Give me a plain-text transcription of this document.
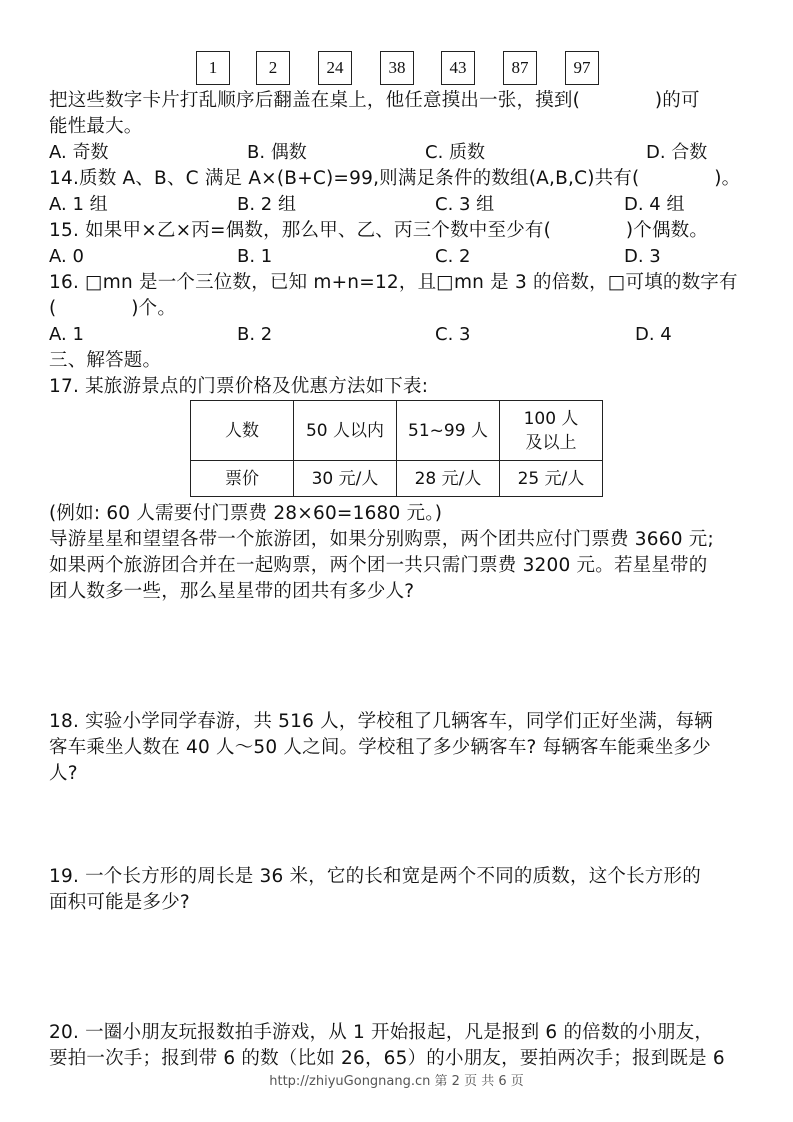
1	2	24	38	43	87	97
把这些数字卡片打乱顺序后翻盖在桌上，他任意摸出一张，摸到(　　　　)的可
能性最大。
A. 奇数	B. 偶数	C. 质数	D. 合数
14.质数 A、B、C 满足 A×(B+C)=99,则满足条件的数组(A,B,C)共有(　　　　)。
A. 1 组	B. 2 组	C. 3 组	D. 4 组
15. 如果甲×乙×丙=偶数，那么甲、乙、丙三个数中至少有(　　　　)个偶数。
A. 0	B. 1	C. 2	D. 3
16. □mn 是一个三位数，已知 m+n=12，且□mn 是 3 的倍数，□可填的数字有
(　　　　)个。
A. 1	B. 2	C. 3	D. 4
三、解答题。
17. 某旅游景点的门票价格及优惠方法如下表:
人数	50 人以内	51~99 人	100 人及以上

票价	30 元/人	28 元/人	25 元/人
(例如: 60 人需要付门票费 28×60=1680 元。)
导游星星和望望各带一个旅游团，如果分别购票，两个团共应付门票费 3660 元;
如果两个旅游团合并在一起购票，两个团一共只需门票费 3200 元。若星星带的
团人数多一些，那么星星带的团共有多少人?
18. 实验小学同学春游，共 516 人，学校租了几辆客车，同学们正好坐满，每辆
客车乘坐人数在 40 人～50 人之间。学校租了多少辆客车? 每辆客车能乘坐多少
人?
19. 一个长方形的周长是 36 米，它的长和宽是两个不同的质数，这个长方形的
面积可能是多少?
20. 一圈小朋友玩报数拍手游戏，从 1 开始报起，凡是报到 6 的倍数的小朋友，
要拍一次手；报到带 6 的数（比如 26，65）的小朋友，要拍两次手；报到既是 6
http://zhiyuGongnang.cn 第 2 页 共 6 页
